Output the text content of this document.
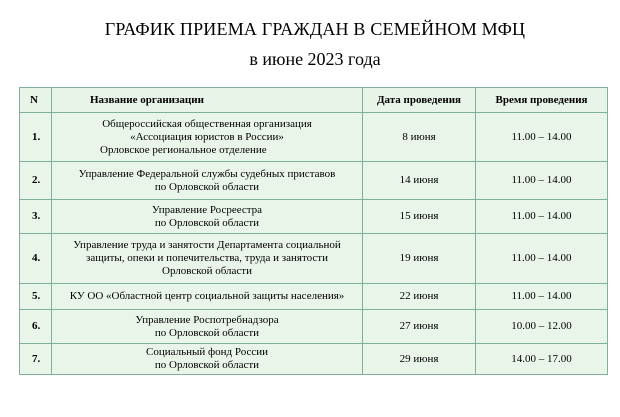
ГРАФИК ПРИЕМА ГРАЖДАН В СЕМЕЙНОМ МФЦ
в июне 2023 года
N	Название организации	Дата проведения	Время проведения
1.	Общероссийская общественная организация
«Ассоциация юристов в России»
Орловское региональное отделение	8 июня	11.00 – 14.00
2.	Управление Федеральной службы судебных приставов
по Орловской области	14 июня	11.00 – 14.00
3.	Управление Росреестра
по Орловской области	15 июня	11.00 – 14.00
4.	Управление труда и занятости Департамента социальной
защиты, опеки и попечительства, труда и занятости
Орловской области	19 июня	11.00 – 14.00
5.	КУ ОО «Областной центр социальной защиты населения»	22 июня	11.00 – 14.00
6.	Управление Роспотребнадзора
по Орловской области	27 июня	10.00 – 12.00
7.	Социальный фонд России
по Орловской области	29 июня	14.00 – 17.00
